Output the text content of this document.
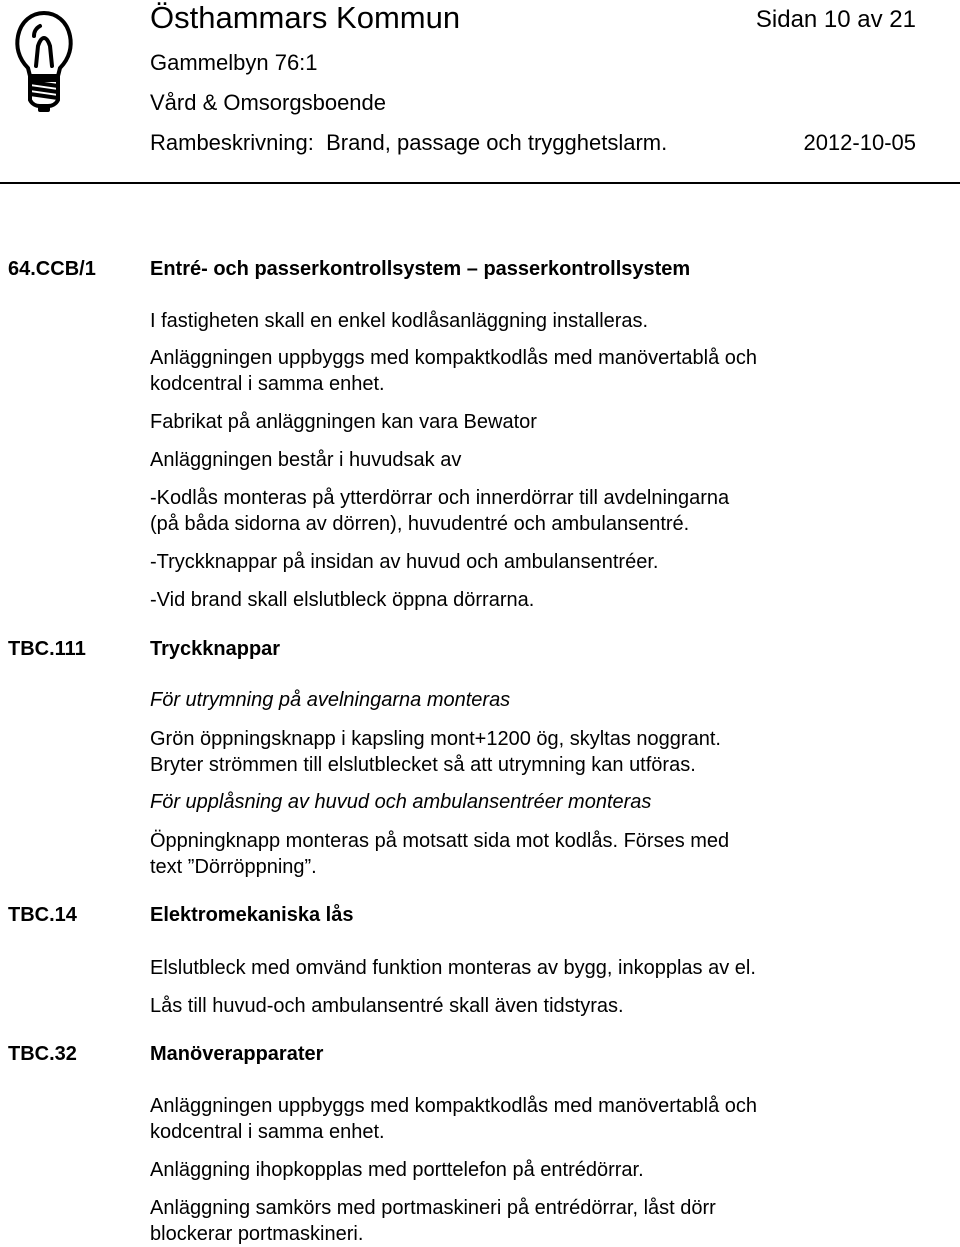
Östhammars Kommun	Sidan 10 av 21
Gammelbyn 76:1
Vård & Omsorgsboende
Rambeskrivning:  Brand, passage och trygghetslarm.	2012-10-05
64.CCB/1	Entré- och passerkontrollsystem – passerkontrollsystem
I fastigheten skall en enkel kodlåsanläggning installeras.
Anläggningen uppbyggs med kompaktkodlås med manövertablå och
kodcentral i samma enhet.
Fabrikat på anläggningen kan vara Bewator
Anläggningen består i huvudsak av
-Kodlås monteras på ytterdörrar och innerdörrar till avdelningarna
(på båda sidorna av dörren), huvudentré och ambulansentré.
-Tryckknappar på insidan av huvud och ambulansentréer.
-Vid brand skall elslutbleck öppna dörrarna.
TBC.111	Tryckknappar
För utrymning på avelningarna monteras
Grön öppningsknapp i kapsling mont+1200 ög, skyltas noggrant.
Bryter strömmen till elslutblecket så att utrymning kan utföras.
För upplåsning av huvud och ambulansentréer monteras
Öppningknapp monteras på motsatt sida mot kodlås. Förses med
text ”Dörröppning”.
TBC.14	Elektromekaniska lås
Elslutbleck med omvänd funktion monteras av bygg, inkopplas av el.
Lås till huvud-och ambulansentré skall även tidstyras.
TBC.32	Manöverapparater
Anläggningen uppbyggs med kompaktkodlås med manövertablå och
kodcentral i samma enhet.
Anläggning ihopkopplas med porttelefon på entrédörrar.
Anläggning samkörs med portmaskineri på entrédörrar, låst dörr
blockerar portmaskineri.
